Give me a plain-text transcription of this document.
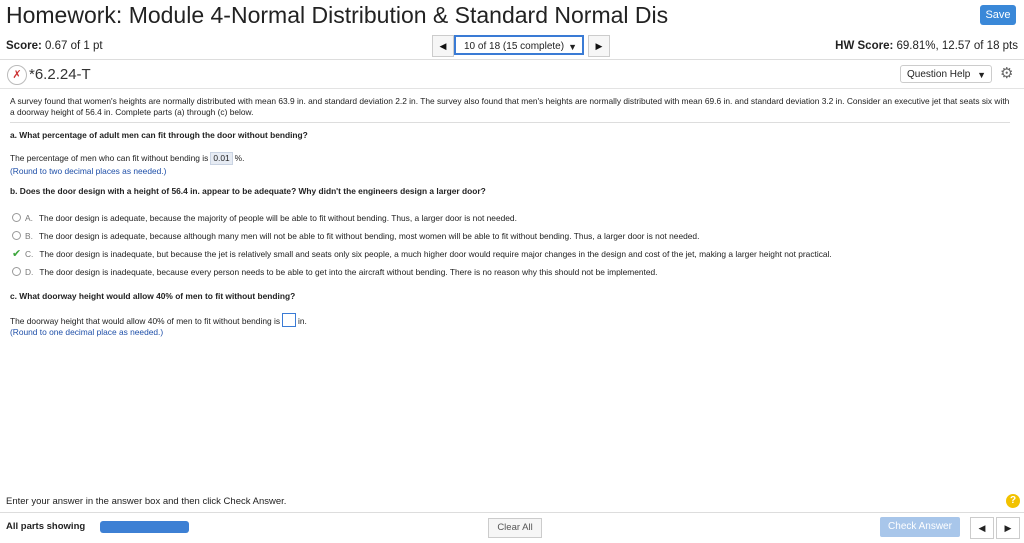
Homework: Module 4-Normal Distribution & Standard Normal Dis	Save
Score: 0.67 of 1 pt	◀	10 of 18 (15 complete) ▼	▶	HW Score: 69.81%, 12.57 of 18 pts
✗ *6.2.24-T	Question Help ▼ ⚙
A survey found that women's heights are normally distributed with mean 63.9 in. and standard deviation 2.2 in. The survey also found that men's heights are normally distributed with mean 69.6 in. and standard deviation 3.2 in. Consider an executive jet that seats six with a doorway height of 56.4 in. Complete parts (a) through (c) below.
a. What percentage of adult men can fit through the door without bending?
The percentage of men who can fit without bending is 0.01 %.
(Round to two decimal places as needed.)
b. Does the door design with a height of 56.4 in. appear to be adequate? Why didn't the engineers design a larger door?
A. The door design is adequate, because the majority of people will be able to fit without bending. Thus, a larger door is not needed.
B. The door design is adequate, because although many men will not be able to fit without bending, most women will be able to fit without bending. Thus, a larger door is not needed.
✔ C. The door design is inadequate, but because the jet is relatively small and seats only six people, a much higher door would require major changes in the design and cost of the jet, making a larger height not practical.
D. The door design is inadequate, because every person needs to be able to get into the aircraft without bending. There is no reason why this should not be implemented.
c. What doorway height would allow 40% of men to fit without bending?
The doorway height that would allow 40% of men to fit without bending is in.
(Round to one decimal place as needed.)
Enter your answer in the answer box and then click Check Answer.	?
All parts showing	Clear All	Check Answer	◀	▶
